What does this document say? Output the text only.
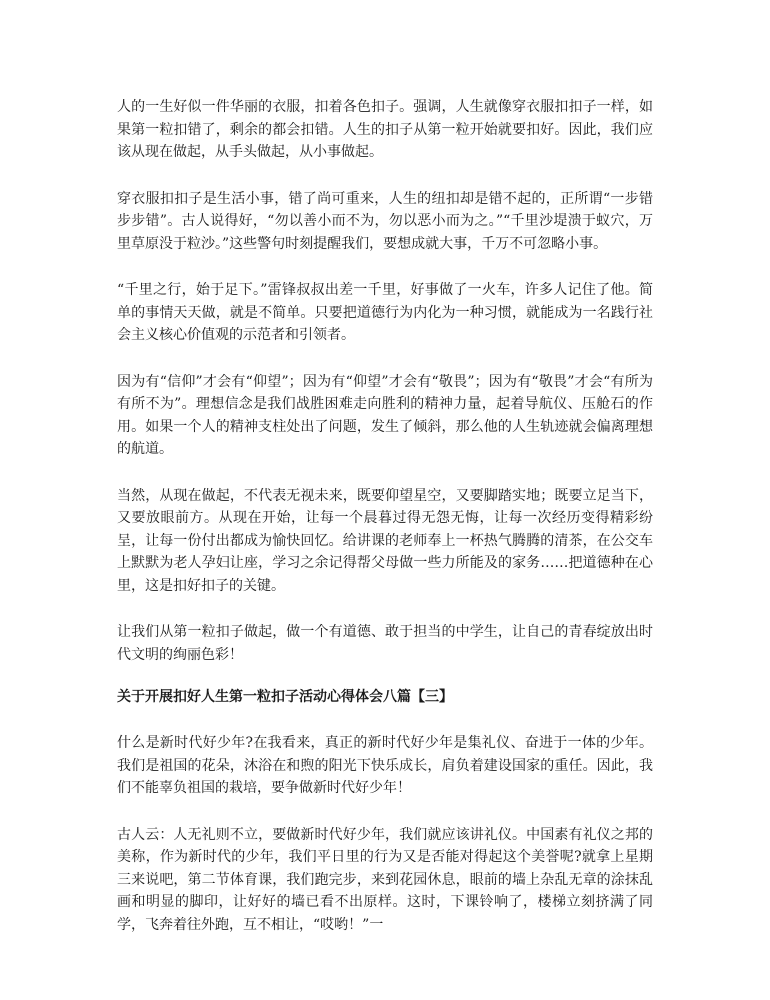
人的一生好似一件华丽的衣服，扣着各色扣子。强调，人生就像穿衣服扣扣子一样，如果第一粒扣错了，剩余的都会扣错。人生的扣子从第一粒开始就要扣好。因此，我们应该从现在做起，从手头做起，从小事做起。

穿衣服扣扣子是生活小事，错了尚可重来，人生的纽扣却是错不起的，正所谓“一步错步步错”。古人说得好，“勿以善小而不为，勿以恶小而为之。”“千里沙堤溃于蚁穴，万里草原没于粒沙。”这些警句时刻提醒我们，要想成就大事，千万不可忽略小事。

“千里之行，始于足下。”雷锋叔叔出差一千里，好事做了一火车，许多人记住了他。简单的事情天天做，就是不简单。只要把道德行为内化为一种习惯，就能成为一名践行社会主义核心价值观的示范者和引领者。

因为有“信仰”才会有“仰望”；因为有“仰望”才会有“敬畏”；因为有“敬畏”才会“有所为有所不为”。理想信念是我们战胜困难走向胜利的精神力量，起着导航仪、压舱石的作用。如果一个人的精神支柱处出了问题，发生了倾斜，那么他的人生轨迹就会偏离理想的航道。

当然，从现在做起，不代表无视未来，既要仰望星空，又要脚踏实地；既要立足当下，又要放眼前方。从现在开始，让每一个晨暮过得无怨无悔，让每一次经历变得精彩纷呈，让每一份付出都成为愉快回忆。给讲课的老师奉上一杯热气腾腾的清茶，在公交车上默默为老人孕妇让座，学习之余记得帮父母做一些力所能及的家务……把道德种在心里，这是扣好扣子的关键。

让我们从第一粒扣子做起，做一个有道德、敢于担当的中学生，让自己的青春绽放出时代文明的绚丽色彩！

关于开展扣好人生第一粒扣子活动心得体会八篇【三】

什么是新时代好少年?在我看来，真正的新时代好少年是集礼仪、奋进于一体的少年。我们是祖国的花朵，沐浴在和煦的阳光下快乐成长，肩负着建设国家的重任。因此，我们不能辜负祖国的栽培，要争做新时代好少年！

古人云：人无礼则不立，要做新时代好少年，我们就应该讲礼仪。中国素有礼仪之邦的美称，作为新时代的少年，我们平日里的行为又是否能对得起这个美誉呢?就拿上星期三来说吧，第二节体育课，我们跑完步，来到花园休息，眼前的墙上杂乱无章的涂抹乱画和明显的脚印，让好好的墙已看不出原样。这时，下课铃响了，楼梯立刻挤满了同学，飞奔着往外跑，互不相让，“哎哟！”一
